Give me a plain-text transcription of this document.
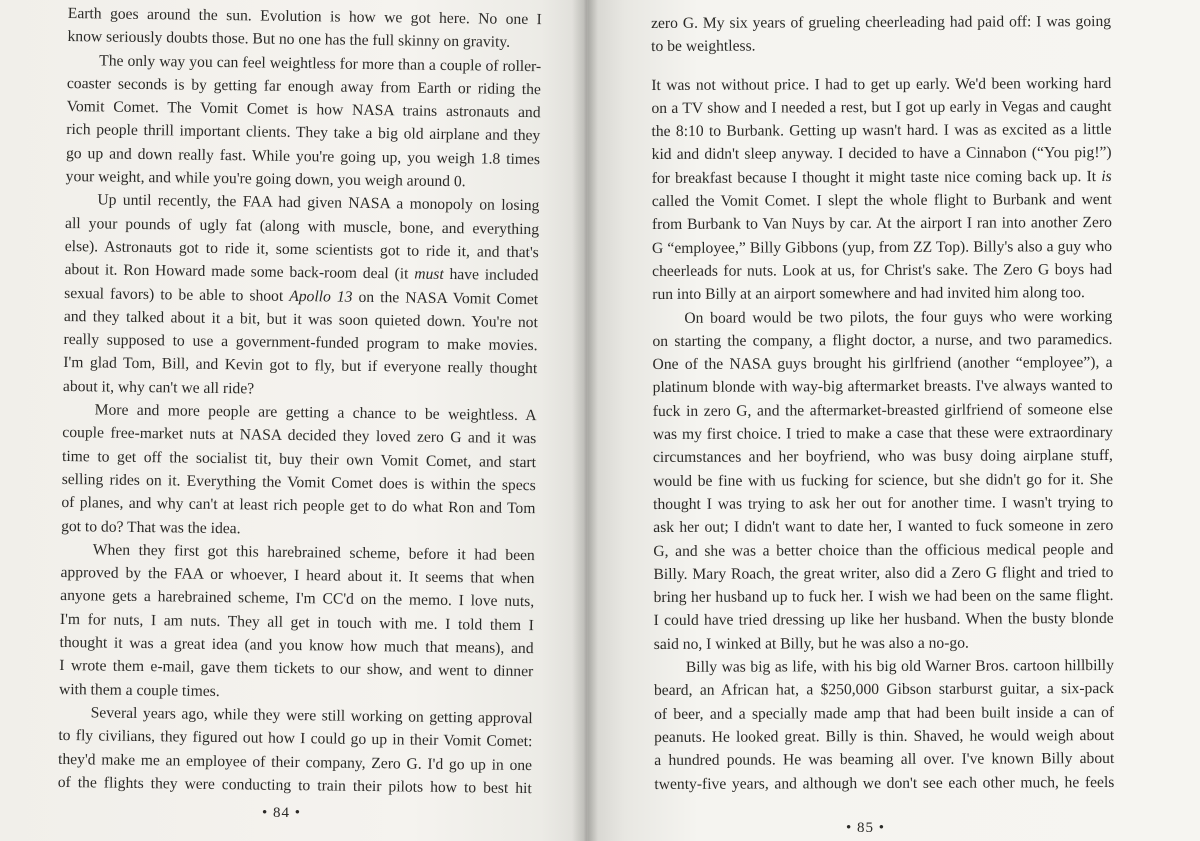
Earth goes around the sun. Evolution is how we got here. No one I
know seriously doubts those. But no one has the full skinny on gravity.
The only way you can feel weightless for more than a couple of roller-
coaster seconds is by getting far enough away from Earth or riding the
Vomit Comet. The Vomit Comet is how NASA trains astronauts and
rich people thrill important clients. They take a big old airplane and they
go up and down really fast. While you're going up, you weigh 1.8 times
your weight, and while you're going down, you weigh around 0.
Up until recently, the FAA had given NASA a monopoly on losing
all your pounds of ugly fat (along with muscle, bone, and everything
else). Astronauts got to ride it, some scientists got to ride it, and that's
about it. Ron Howard made some back-room deal (it must have included
sexual favors) to be able to shoot Apollo 13 on the NASA Vomit Comet
and they talked about it a bit, but it was soon quieted down. You're not
really supposed to use a government-funded program to make movies.
I'm glad Tom, Bill, and Kevin got to fly, but if everyone really thought
about it, why can't we all ride?
More and more people are getting a chance to be weightless. A
couple free-market nuts at NASA decided they loved zero G and it was
time to get off the socialist tit, buy their own Vomit Comet, and start
selling rides on it. Everything the Vomit Comet does is within the specs
of planes, and why can't at least rich people get to do what Ron and Tom
got to do? That was the idea.
When they first got this harebrained scheme, before it had been
approved by the FAA or whoever, I heard about it. It seems that when
anyone gets a harebrained scheme, I'm CC'd on the memo. I love nuts,
I'm for nuts, I am nuts. They all get in touch with me. I told them I
thought it was a great idea (and you know how much that means), and
I wrote them e-mail, gave them tickets to our show, and went to dinner
with them a couple times.
Several years ago, while they were still working on getting approval
to fly civilians, they figured out how I could go up in their Vomit Comet:
they'd make me an employee of their company, Zero G. I'd go up in one
of the flights they were conducting to train their pilots how to best hit
• 84 •
zero G. My six years of grueling cheerleading had paid off: I was going
to be weightless.
It was not without price. I had to get up early. We'd been working hard
on a TV show and I needed a rest, but I got up early in Vegas and caught
the 8:10 to Burbank. Getting up wasn't hard. I was as excited as a little
kid and didn't sleep anyway. I decided to have a Cinnabon (“You pig!”)
for breakfast because I thought it might taste nice coming back up. It is
called the Vomit Comet. I slept the whole flight to Burbank and went
from Burbank to Van Nuys by car. At the airport I ran into another Zero
G “employee,” Billy Gibbons (yup, from ZZ Top). Billy's also a guy who
cheerleads for nuts. Look at us, for Christ's sake. The Zero G boys had
run into Billy at an airport somewhere and had invited him along too.
On board would be two pilots, the four guys who were working
on starting the company, a flight doctor, a nurse, and two paramedics.
One of the NASA guys brought his girlfriend (another “employee”), a
platinum blonde with way-big aftermarket breasts. I've always wanted to
fuck in zero G, and the aftermarket-breasted girlfriend of someone else
was my first choice. I tried to make a case that these were extraordinary
circumstances and her boyfriend, who was busy doing airplane stuff,
would be fine with us fucking for science, but she didn't go for it. She
thought I was trying to ask her out for another time. I wasn't trying to
ask her out; I didn't want to date her, I wanted to fuck someone in zero
G, and she was a better choice than the officious medical people and
Billy. Mary Roach, the great writer, also did a Zero G flight and tried to
bring her husband up to fuck her. I wish we had been on the same flight.
I could have tried dressing up like her husband. When the busty blonde
said no, I winked at Billy, but he was also a no-go.
Billy was big as life, with his big old Warner Bros. cartoon hillbilly
beard, an African hat, a $250,000 Gibson starburst guitar, a six-pack
of beer, and a specially made amp that had been built inside a can of
peanuts. He looked great. Billy is thin. Shaved, he would weigh about
a hundred pounds. He was beaming all over. I've known Billy about
twenty-five years, and although we don't see each other much, he feels
• 85 •
